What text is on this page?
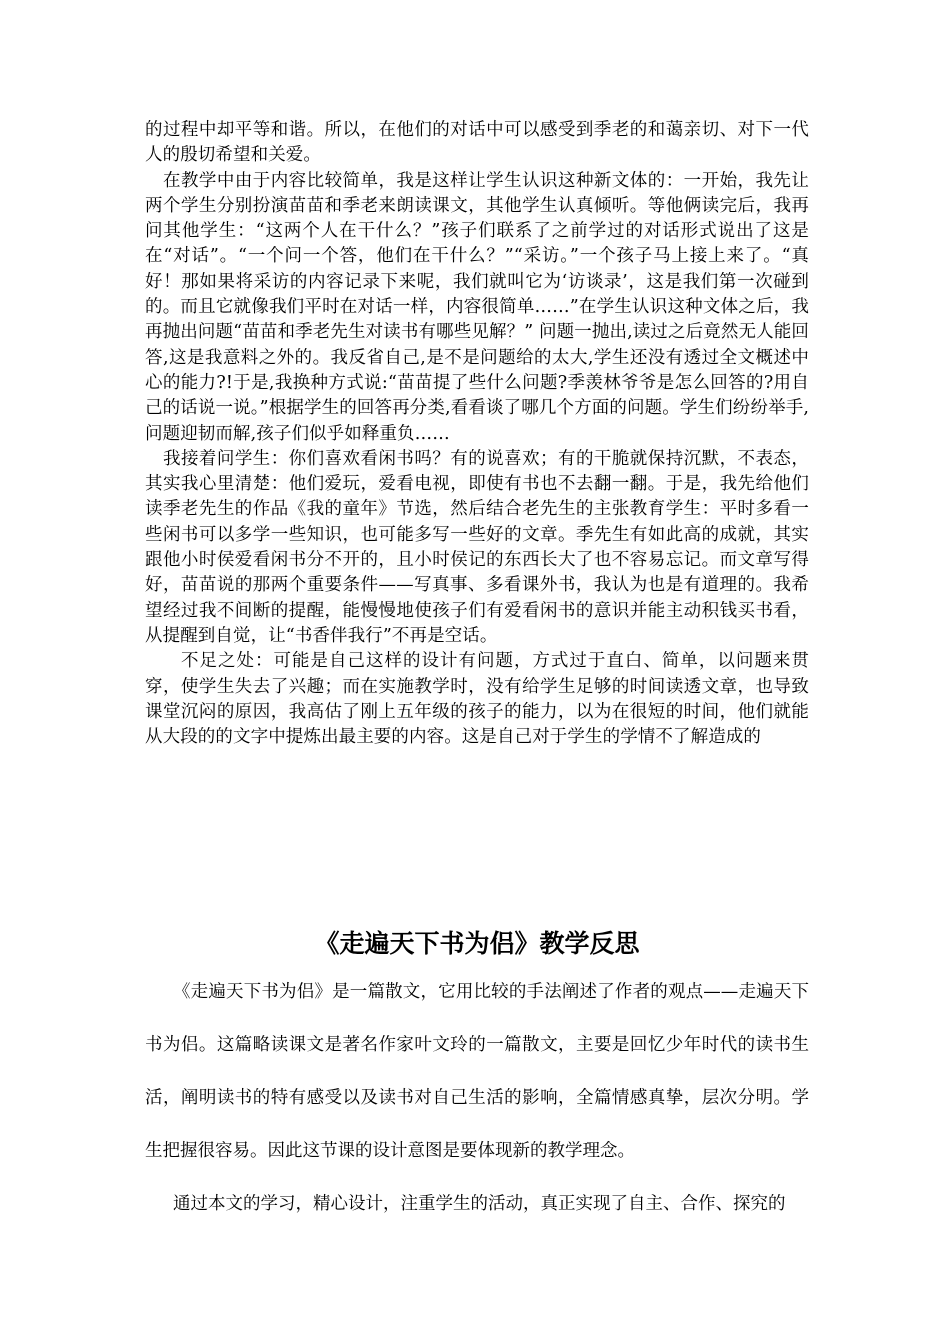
的过程中却平等和谐。所以，在他们的对话中可以感受到季老的和蔼亲切、对下一代人的殷切希望和关爱。

在教学中由于内容比较简单，我是这样让学生认识这种新文体的：一开始，我先让两个学生分别扮演苗苗和季老来朗读课文，其他学生认真倾听。等他俩读完后，我再问其他学生：“这两个人在干什么？”孩子们联系了之前学过的对话形式说出了这是在“对话”。“一个问一个答，他们在干什么？”“采访。”一个孩子马上接上来了。“真好！那如果将采访的内容记录下来呢，我们就叫它为‘访谈录’，这是我们第一次碰到的。而且它就像我们平时在对话一样，内容很简单……”在学生认识这种文体之后，我再抛出问题“苗苗和季老先生对读书有哪些见解？” 问题一抛出,读过之后竟然无人能回答,这是我意料之外的。我反省自己,是不是问题给的太大,学生还没有透过全文概述中心的能力?!于是,我换种方式说:“苗苗提了些什么问题?季羡林爷爷是怎么回答的?用自己的话说一说。”根据学生的回答再分类,看看谈了哪几个方面的问题。学生们纷纷举手,问题迎韧而解,孩子们似乎如释重负……

我接着问学生：你们喜欢看闲书吗？有的说喜欢；有的干脆就保持沉默，不表态，其实我心里清楚：他们爱玩，爱看电视，即使有书也不去翻一翻。于是，我先给他们读季老先生的作品《我的童年》节选，然后结合老先生的主张教育学生：平时多看一些闲书可以多学一些知识，也可能多写一些好的文章。季先生有如此高的成就，其实跟他小时侯爱看闲书分不开的，且小时侯记的东西长大了也不容易忘记。而文章写得好，苗苗说的那两个重要条件——写真事、多看课外书，我认为也是有道理的。我希望经过我不间断的提醒，能慢慢地使孩子们有爱看闲书的意识并能主动积钱买书看，从提醒到自觉，让“书香伴我行”不再是空话。

不足之处：可能是自己这样的设计有问题，方式过于直白、简单，以问题来贯穿，使学生失去了兴趣；而在实施教学时，没有给学生足够的时间读透文章，也导致课堂沉闷的原因，我高估了刚上五年级的孩子的能力，以为在很短的时间，他们就能从大段的的文字中提炼出最主要的内容。这是自己对于学生的学情不了解造成的

《走遍天下书为侣》教学反思

《走遍天下书为侣》是一篇散文，它用比较的手法阐述了作者的观点——走遍天下书为侣。这篇略读课文是著名作家叶文玲的一篇散文，主要是回忆少年时代的读书生活，阐明读书的特有感受以及读书对自己生活的影响，全篇情感真挚，层次分明。学生把握很容易。因此这节课的设计意图是要体现新的教学理念。

通过本文的学习，精心设计，注重学生的活动，真正实现了自主、合作、探究的
